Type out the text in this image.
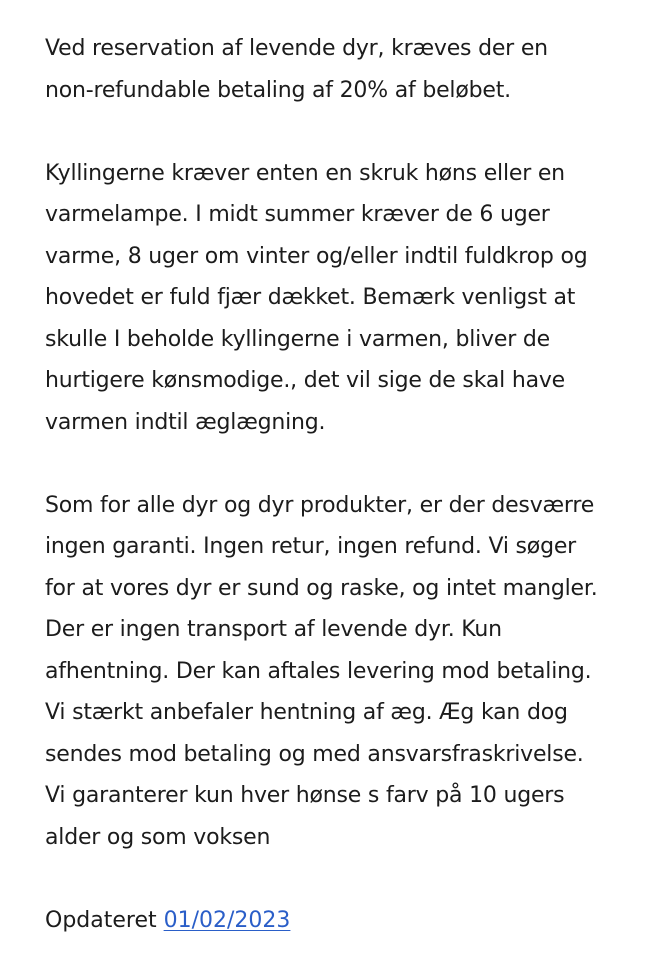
Ved reservation af levende dyr, kræves der en
non-refundable betaling af 20% af beløbet.
Kyllingerne kræver enten en skruk høns eller en
varmelampe. I midt summer kræver de 6 uger
varme, 8 uger om vinter og/eller indtil fuldkrop og
hovedet er fuld fjær dækket. Bemærk venligst at
skulle I beholde kyllingerne i varmen, bliver de
hurtigere kønsmodige., det vil sige de skal have
varmen indtil æglægning.
Som for alle dyr og dyr produkter, er der desværre
ingen garanti. Ingen retur, ingen refund. Vi søger
for at vores dyr er sund og raske, og intet mangler.
Der er ingen transport af levende dyr. Kun
afhentning. Der kan aftales levering mod betaling.
Vi stærkt anbefaler hentning af æg. Æg kan dog
sendes mod betaling og med ansvarsfraskrivelse.
Vi garanterer kun hver hønse s farv på 10 ugers
alder og som voksen
Opdateret 01/02/2023
